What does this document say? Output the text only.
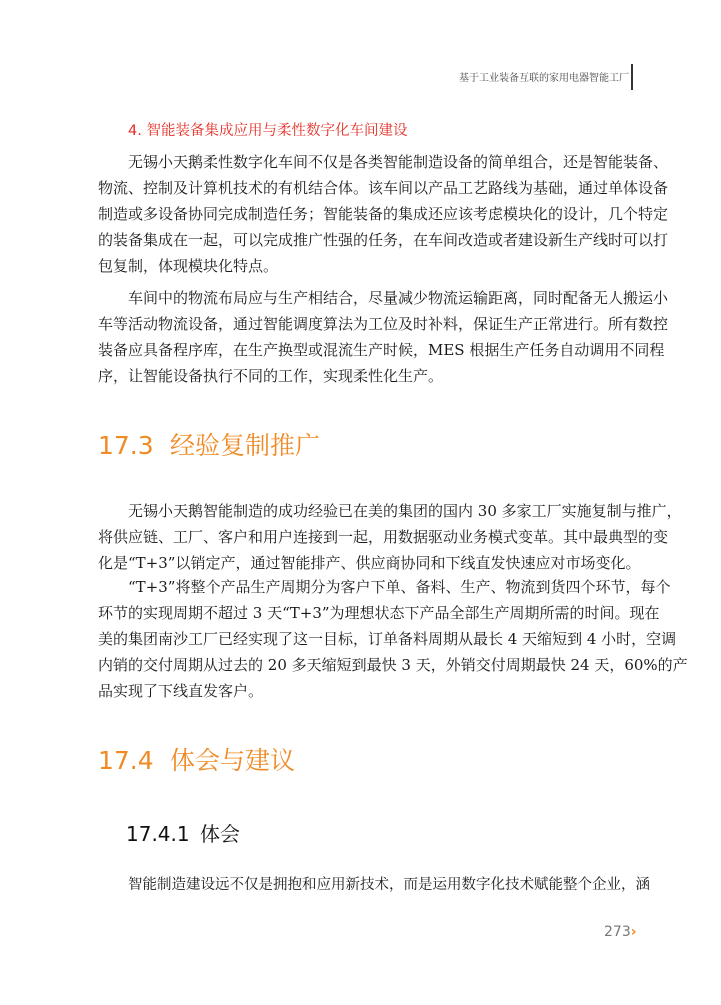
基于工业装备互联的家用电器智能工厂
4. 智能装备集成应用与柔性数字化车间建设
无锡小天鹅柔性数字化车间不仅是各类智能制造设备的简单组合，还是智能装备、
物流、控制及计算机技术的有机结合体。该车间以产品工艺路线为基础，通过单体设备
制造或多设备协同完成制造任务；智能装备的集成还应该考虑模块化的设计，几个特定
的装备集成在一起，可以完成推广性强的任务，在车间改造或者建设新生产线时可以打
包复制，体现模块化特点。
车间中的物流布局应与生产相结合，尽量减少物流运输距离，同时配备无人搬运小
车等活动物流设备，通过智能调度算法为工位及时补料，保证生产正常进行。所有数控
装备应具备程序库，在生产换型或混流生产时候，MES 根据生产任务自动调用不同程
序，让智能设备执行不同的工作，实现柔性化生产。
17.3 经验复制推广
无锡小天鹅智能制造的成功经验已在美的集团的国内 30 多家工厂实施复制与推广，
将供应链、工厂、客户和用户连接到一起，用数据驱动业务模式变革。其中最典型的变
化是“T+3”以销定产，通过智能排产、供应商协同和下线直发快速应对市场变化。
“T+3”将整个产品生产周期分为客户下单、备料、生产、物流到货四个环节，每个
环节的实现周期不超过 3 天“T+3”为理想状态下产品全部生产周期所需的时间。现在
美的集团南沙工厂已经实现了这一目标，订单备料周期从最长 4 天缩短到 4 小时，空调
内销的交付周期从过去的 20 多天缩短到最快 3 天，外销交付周期最快 24 天，60%的产
品实现了下线直发客户。
17.4 体会与建议
17.4.1 体会
智能制造建设远不仅是拥抱和应用新技术，而是运用数字化技术赋能整个企业，涵
273›
